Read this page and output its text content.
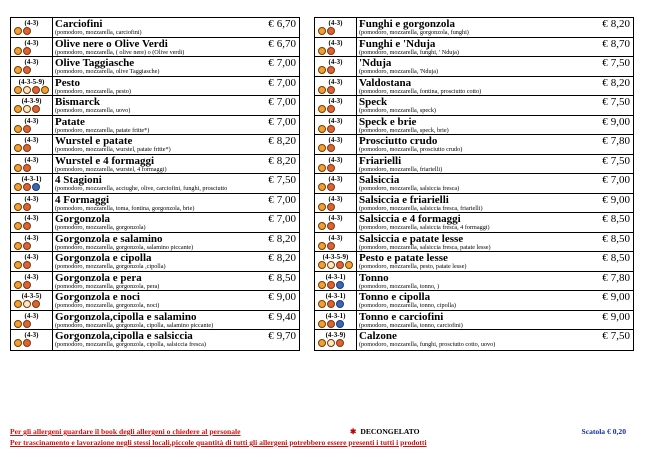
(4-3)	Carciofini	€ 6,70
(pomodoro, mozzarella, carciofini)
(4-3)	Olive nere o Olive Verdi	€ 6,70
(pomodoro, mozzarella, ( olive nere) o (Olive verdi)
(4-3)	Olive Taggiasche	€ 7,00
(pomodoro, mozzarella, olive Taggiasche)
(4-3-5-9) Pesto	€ 7,00
(pomodoro, mozzarella, pesto)
(4-3-9)	Bismarck	€ 7,00
(pomodoro, mozzarella, uovo)
(4-3)	Patate	€ 7,00
(pomodoro, mozzarella, patate fritte*)
(4-3)	Wurstel e patate	€ 8,20
(pomodoro, mozzarella, wurstel, patate fritte*)
(4-3)	Wurstel e 4 formaggi	€ 8,20
(pomodoro, mozzarella, wurstel, 4 formaggi)
(4-3-1)	4 Stagioni	€ 7,50
(pomodoro, mozzarella, acciughe, olive, carciofini, funghi, prosciutto
(4-3)	4 Formaggi	€ 7,00
(pomodoro, mozzarella, toma, fontina, gorgonzola, brie)
(4-3)	Gorgonzola	€ 7,00
(pomodoro, mozzarella, gorgonzola)
(4-3)	Gorgonzola e salamino	€ 8,20
(pomodoro, mozzarella, gorgonzola, salamino piccante)
(4-3)	Gorgonzola e cipolla	€ 8,20
(pomodoro, mozzarella, gorgonzola ,cipolla)
(4-3)	Gorgonzola e pera	€ 8,50
(pomodoro, mozzarella, gorgonzola, pera)
(4-3-5)	Gorgonzola e noci	€ 9,00
(pomodoro, mozzarella, gorgonzola, noci)
(4-3)	Gorgonzola,cipolla e salamino	€ 9,40
(pomodoro, mozzarella, gorgonzola, cipolla, salamino piccante)
(4-3)	Gorgonzola,cipolla e salsiccia	€ 9,70
(pomodoro, mozzarella, gorgonzola, cipolla, salsiccia fresca)
(4-3)	Funghi e gorgonzola	€ 8,20
(pomodoro, mozzarella, gorgonzola, funghi)
(4-3)	Funghi e 'Nduja	€ 8,70
(pomodoro, mozzarella, funghi, ' Nduja)
(4-3)	'Nduja	€ 7,50
(pomodoro, mozzarella, 'Nduja)
(4-3)	Valdostana	€ 8,20
(pomodoro, mozzarella, fontina, prosciutto cotto)
(4-3)	Speck	€ 7,50
(pomodoro, mozzarella, speck)
(4-3)	Speck e brie	€ 9,00
(pomodoro, mozzarella, speck, brie)
(4-3)	Prosciutto crudo	€ 7,80
(pomodoro, mozzarella, prosciutto crudo)
(4-3)	Friarielli	€ 7,50
(pomodoro, mozzarella, friarielli)
(4-3)	Salsiccia	€ 7,00
(pomodoro, mozzarella, salsiccia fresca)
(4-3)	Salsiccia e friarielli	€ 9,00
(pomodoro, mozzarella, salsiccia fresca, friarielli)
(4-3)	Salsiccia e 4 formaggi	€ 8,50
(pomodoro, mozzarella, salsiccia fresca, 4 formaggi)
(4-3)	Salsiccia e patate lesse	€ 8,50
(pomodoro, mozzarella, salsiccia fresca, patate lesse)
(4-3-5-9) Pesto e patate lesse	€ 8,50
(pomodoro, mozzarella, pesto, patate lesse)
(4-3-1)	Tonno	€ 7,80
(pomodoro, mozzarella, tonno, )
(4-3-1)	Tonno e cipolla	€ 9,00
(pomodoro, mozzarella, tonno, cipolla)
(4-3-1)	Tonno e carciofini	€ 9,00
(pomodoro, mozzarella, tonno, carciofini)
(4-3-9)	Calzone	€ 7,50
(pomodoro, mozzarella, funghi, prosciutto cotto, uovo)
Per gli allergeni guardare il book degli allergeni o chiedere al personale	✱ DECONGELATO	Scatola € 0,20
Per trascinamento e lavorazione negli stessi locali,piccole quantità di tutti gli allergeni potrebbero essere presenti i tutti i prodotti
